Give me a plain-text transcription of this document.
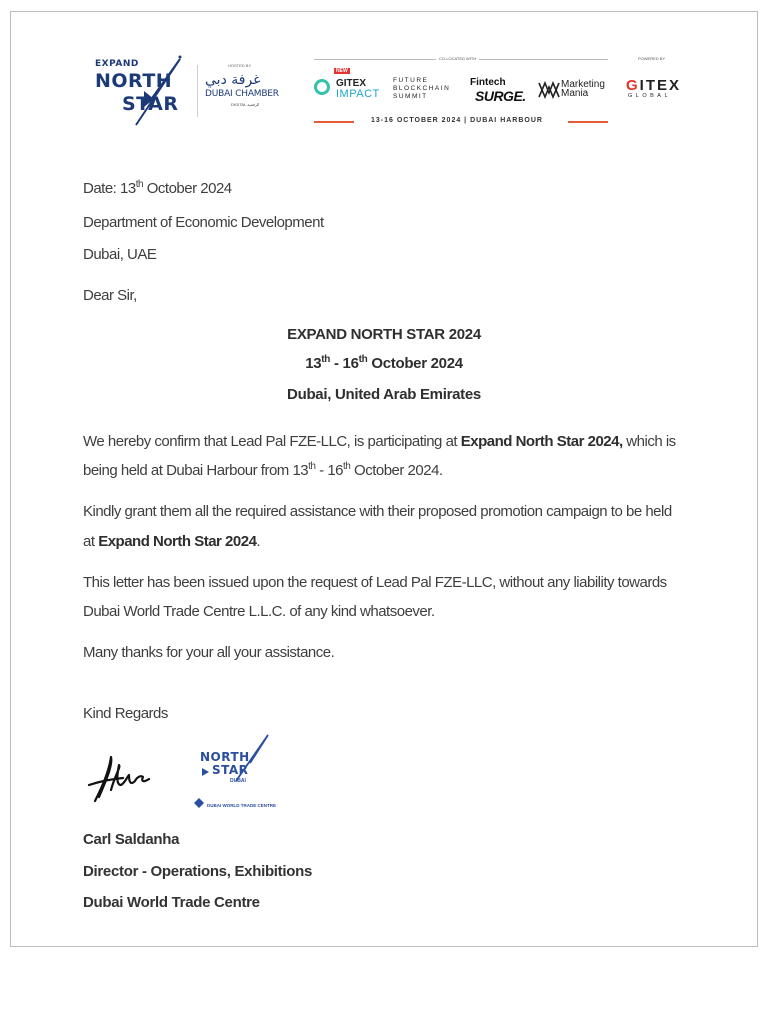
EXPAND
NORTH
STAR
HOSTED BY
غرفة دبي
DUBAI CHAMBER
DIGITAL الرقمية
CO-LOCATED WITH	POWERED BY
NEW
GITEX
IMPACT
FUTURE
BLOCKCHAIN
SUMMIT
Fintech
SURGE.
Marketing
Mania	GITEX
GLOBAL
13-16 OCTOBER 2024 | DUBAI HARBOUR
Date: 13th October 2024
Department of Economic Development
Dubai, UAE
Dear Sir,
EXPAND NORTH STAR 2024
13th - 16th October 2024
Dubai, United Arab Emirates
We hereby confirm that Lead Pal FZE-LLC, is participating at Expand North Star 2024, which is
being held at Dubai Harbour from 13th - 16th October 2024.
Kindly grant them all the required assistance with their proposed promotion campaign to be held
at Expand North Star 2024.
This letter has been issued upon the request of Lead Pal FZE-LLC, without any liability towards
Dubai World Trade Centre L.L.C. of any kind whatsoever.
Many thanks for your all your assistance.
Kind Regards
NORTH
STAR
DUBAI
DUBAI WORLD TRADE CENTRE
Carl Saldanha
Director - Operations, Exhibitions
Dubai World Trade Centre
